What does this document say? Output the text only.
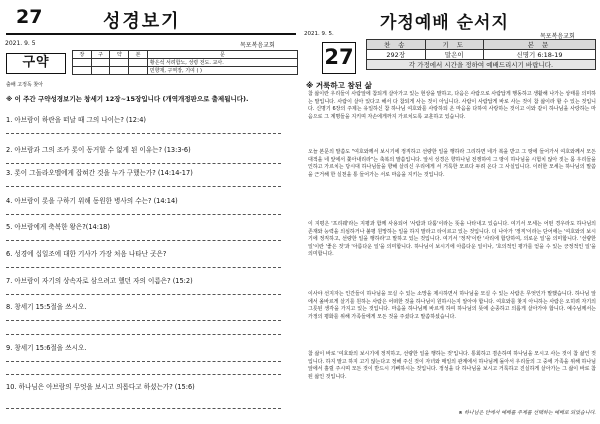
27	성경보기
2021. 9. 5	목포복음교회
구약
출배 고정독 찾아
장	구	약	본	문
				황은석 서려함노, 성령 전도. 교사.
				민향재, 구역장, 기여 ( )
※ 이 주간 구약성경보기는 창세기 12장~15장입니다 (개역개정판으로 출제됩니다).
1. 아브람이 하란을 떠날 때 그의 나이는? (12:4)
2. 아브람과 그의 조카 롯이 동거할 수 없게 된 이유는? (13:3-6)
3. 롯이 그돌라오멜에게 잡혀간 것을 누가 구했는가? (14:14-17)
4. 아브람이 롯을 구하기 위해 동원한 병사의 수는? (14:14)
5. 아브람에게 축복한 왕은?(14:18)
6. 성경에 십일조에 대한 기사가 가장 처음 나타난 곳은?
7. 아브람이 자기의 상속자로 삼으려고 했던 자의 이름은? (15:2)
8. 창세기 15:5절을 쓰시오.
9. 창세기 15:6절을 쓰시오.
10. 하나님은 아브람의 무엇을 보시고 의롭다고 하셨는가? (15:6)
가정예배 순서지
2021. 9. 5.	목포복음교회
27	찬 송	기 도	본 문
292장	말은이	신명기 6:18-19
각 가정에서 시간을 정하여 예배드리시기 바랍니다.		
※ 거룩하고 참된 삶
참 삶이란 우리들이 사람앞에 참되게 살아가고 있는 현상을 말하고, 다음은 사람으로 사람답게 행동하고 생활해 나가는 상태를 의미하는 말입니다. 사람이 살아 있다고 해서 다 참되게 사는 것이 아닙니다. 사람이 사람답게 바로 사는 것이 참 삶이라 할 수 있는 것입니다. 신명기 6장의 주제는 유일하신 참 하나님 여호와를 사랑하되 온 마음을 다하여 사랑하는 것이고 이와 같이 하나님을 사랑하는 마음으로 그 계명들을 지키며 자손에게까지 가르치도록 교훈하고 있습니다.
오늘 본문의 말씀도 "여호와께서 보시기에 정직하고 선량한 일을 행하라 그리하면 네가 복을 받고 그 땅에 들어가서 여호와께서 모든 대적을 네 앞에서 쫓아내리라"는 축복의 말씀입니다. 앞서 성경은 향하나님 전쟁하여 그 땅이 하나님을 시험치 않아 짓는 몸 우리들을 인하고 가르치는 당시대 하나님들을 향해 살리신 우리에게 서 거룩한 모르다 두려 온다 그 사실입니다. 이러한 모세는 하나님의 말씀을 근거해 한 실천을 통 들어가는 서로 마음을 지키는 것입니다.
이 지평은 '프리웨'라는 지평과 함께 사용되어 '사람과 다툼'이라는 뜻을 나타내고 있습니다. 여기서 모세는 어떤 경우라도 하나님의 존재와 능력을 의심하거나 불평 원망하는 일을 하지 말라고 타이르고 있는 것입니다. 더 나아가 '정직'이라는 단어에는 '여호와의 보시기에 정직하고, 선량한 일을 행하라'고 말하고 있는 것입니다. 여기서 '정직'이란 '사리에 합당하여, 의로운 일'을 의미합니다. '선량한 일'이란 '좋은 것'과 '아름다운 일'을 의미합니다. 하나님이 보시기에 아름다운 일이나, '호의적인 평가를 얻을 수 있는 긍정적인 일'을 의미합니다.
이사야 선지자는 인간들이 하나님을 모실 수 있는 소망을 제시하면서 하나님을 모실 수 있는 사람은 무엇인가 말했습니다. 하나님 앞에서 올바르게 살기를 원하는 사람은 어떠한 것을 하나님이 원하시는지 알아야 합니다. 여호와를 찾지 아니하는 사람은 오히려 자기의 그릇된 생각을 가지고 있는 것입니다. 마음을 하나님께 바르게 하여 하나님의 뜻에 순종하고 의롭게 살아가야 합니다. 예수님께서는 가정의 평화를 위해 가족들에게 모든 것을 주셨다고 말씀하셨습니다.
참 삶이 바로 '여호와의 보시기에 정직하고, 선량한 일을 행하는 것'입니다. 통회하고 겸손하며 하나님을 모시고 사는 것이 참 삶인 것입니다. 하지 말고 하지 고기 않는다고 정해 주신 것이 자녀와 매일의 관계에서 하나님께 돌아서 우리들의 그 중에 가족을 위해 하나님 앞에서 흘릴 주시며 모든 것이 반드시 기뻐하시는 것입니다. 정성을 다 하나님을 보시고 거룩하고 진실하게 살아가는 그 삶이 바로 참된 삶인 것입니다.
※ 하나님은 안에서 예배를 주제를 선택하는 예배로 되었습니다.
